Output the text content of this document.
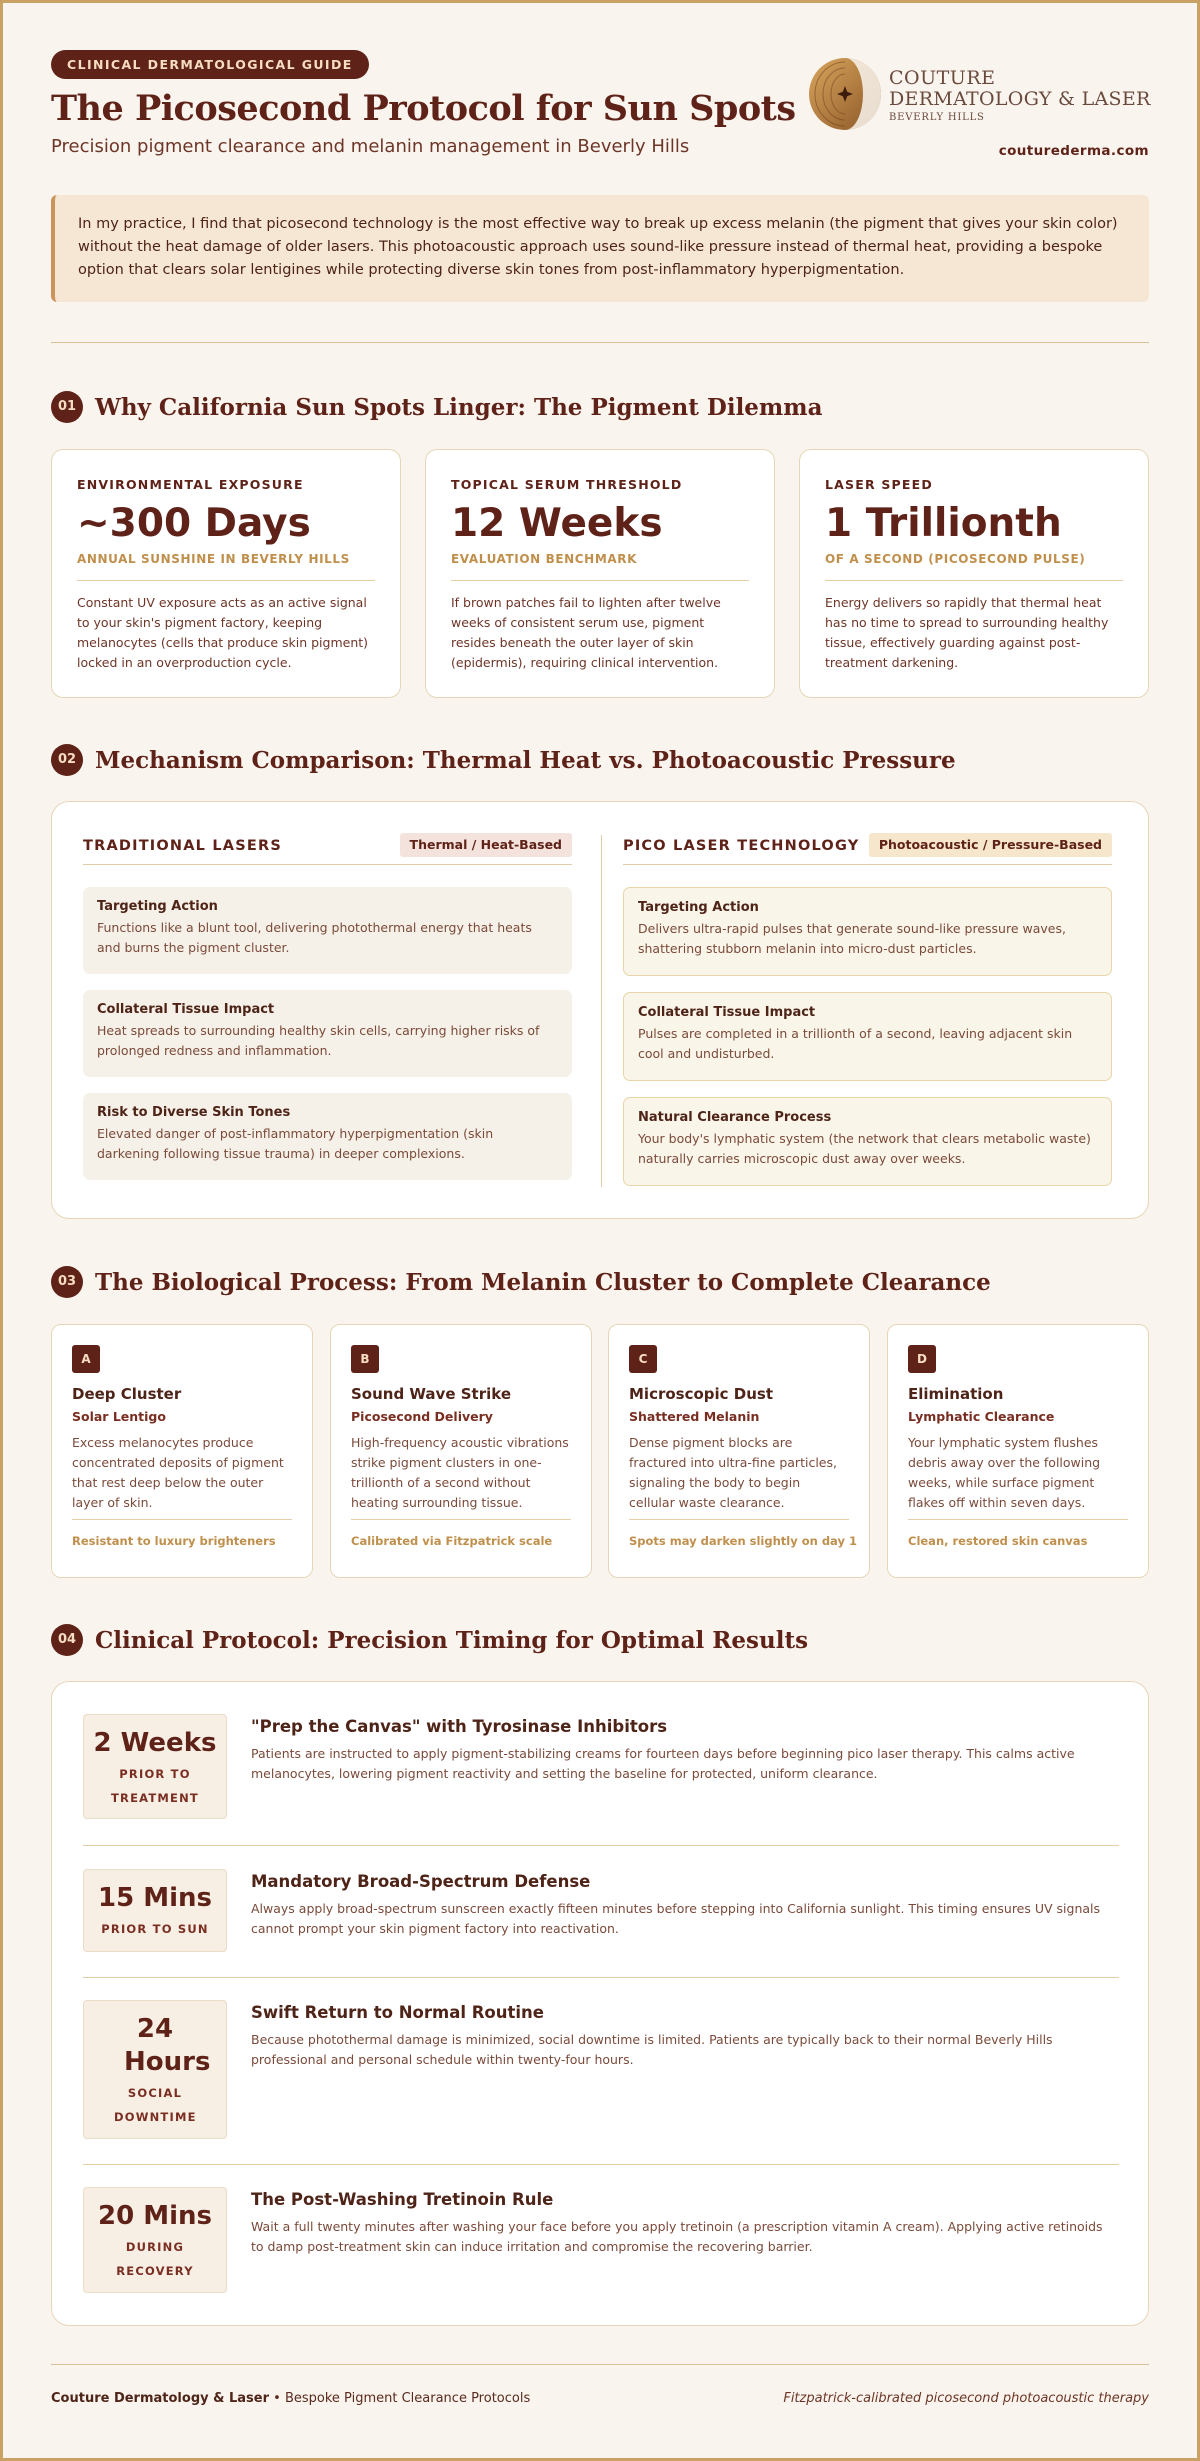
CLINICAL DERMATOLOGICAL GUIDE
The Picosecond Protocol for Sun Spots
Precision pigment clearance and melanin management in Beverly Hills
COUTURE
DERMATOLOGY & LASER
BEVERLY HILLS
couturederma.com
In my practice, I find that picosecond technology is the most effective way to break up excess melanin (the pigment that gives your skin color) without the heat damage of older lasers. This photoacoustic approach uses sound-like pressure instead of thermal heat, providing a bespoke option that clears solar lentigines while protecting diverse skin tones from post-inflammatory hyperpigmentation.
01 Why California Sun Spots Linger: The Pigment Dilemma
ENVIRONMENTAL EXPOSURE
~300 Days
ANNUAL SUNSHINE IN BEVERLY HILLS
Constant UV exposure acts as an active signal to your skin's pigment factory, keeping melanocytes (cells that produce skin pigment) locked in an overproduction cycle.
TOPICAL SERUM THRESHOLD
12 Weeks
EVALUATION BENCHMARK
If brown patches fail to lighten after twelve weeks of consistent serum use, pigment resides beneath the outer layer of skin (epidermis), requiring clinical intervention.
LASER SPEED
1 Trillionth
OF A SECOND (PICOSECOND PULSE)
Energy delivers so rapidly that thermal heat has no time to spread to surrounding healthy tissue, effectively guarding against post-treatment darkening.
02 Mechanism Comparison: Thermal Heat vs. Photoacoustic Pressure
TRADITIONAL LASERS	Thermal / Heat-Based
Targeting Action
Functions like a blunt tool, delivering photothermal energy that heats and burns the pigment cluster.
Collateral Tissue Impact
Heat spreads to surrounding healthy skin cells, carrying higher risks of prolonged redness and inflammation.
Risk to Diverse Skin Tones
Elevated danger of post-inflammatory hyperpigmentation (skin darkening following tissue trauma) in deeper complexions.
PICO LASER TECHNOLOGY	Photoacoustic / Pressure-Based
Targeting Action
Delivers ultra-rapid pulses that generate sound-like pressure waves, shattering stubborn melanin into micro-dust particles.
Collateral Tissue Impact
Pulses are completed in a trillionth of a second, leaving adjacent skin cool and undisturbed.
Natural Clearance Process
Your body's lymphatic system (the network that clears metabolic waste) naturally carries microscopic dust away over weeks.
03 The Biological Process: From Melanin Cluster to Complete Clearance
A
Deep Cluster
Solar Lentigo
Excess melanocytes produce concentrated deposits of pigment that rest deep below the outer layer of skin.
Resistant to luxury brighteners
B
Sound Wave Strike
Picosecond Delivery
High-frequency acoustic vibrations strike pigment clusters in one-trillionth of a second without heating surrounding tissue.
Calibrated via Fitzpatrick scale
C
Microscopic Dust
Shattered Melanin
Dense pigment blocks are fractured into ultra-fine particles, signaling the body to begin cellular waste clearance.
Spots may darken slightly on day 1
D
Elimination
Lymphatic Clearance
Your lymphatic system flushes debris away over the following weeks, while surface pigment flakes off within seven days.
Clean, restored skin canvas
04 Clinical Protocol: Precision Timing for Optimal Results
2 Weeks
PRIOR TO TREATMENT
"Prep the Canvas" with Tyrosinase Inhibitors
Patients are instructed to apply pigment-stabilizing creams for fourteen days before beginning pico laser therapy. This calms active melanocytes, lowering pigment reactivity and setting the baseline for protected, uniform clearance.
15 Mins
PRIOR TO SUN
Mandatory Broad-Spectrum Defense
Always apply broad-spectrum sunscreen exactly fifteen minutes before stepping into California sunlight. This timing ensures UV signals cannot prompt your skin pigment factory into reactivation.
24 Hours
SOCIAL DOWNTIME
Swift Return to Normal Routine
Because photothermal damage is minimized, social downtime is limited. Patients are typically back to their normal Beverly Hills professional and personal schedule within twenty-four hours.
20 Mins
DURING RECOVERY
The Post-Washing Tretinoin Rule
Wait a full twenty minutes after washing your face before you apply tretinoin (a prescription vitamin A cream). Applying active retinoids to damp post-treatment skin can induce irritation and compromise the recovering barrier.
Couture Dermatology & Laser • Bespoke Pigment Clearance Protocols	Fitzpatrick-calibrated picosecond photoacoustic therapy
